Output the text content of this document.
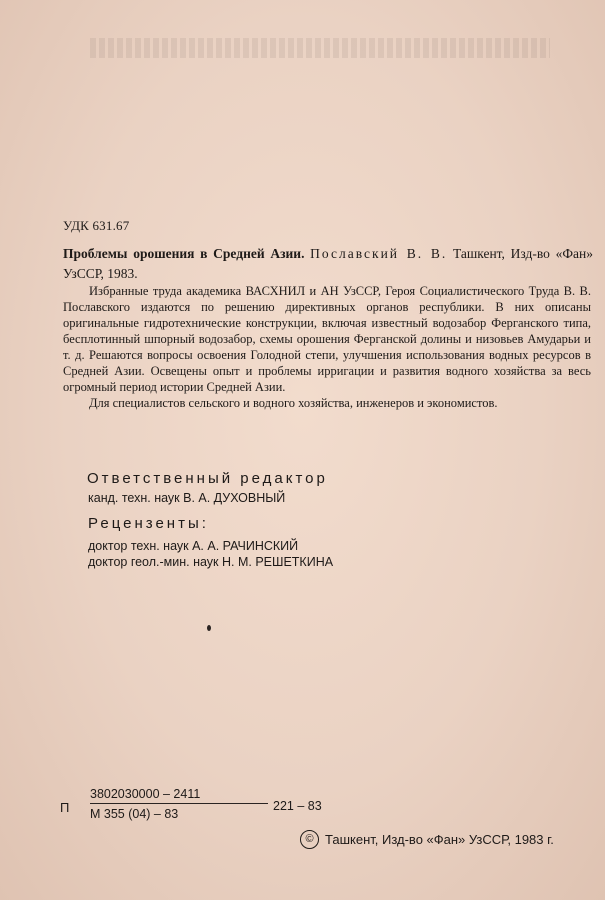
УДК 631.67
Проблемы орошения в Средней Азии. Пославский В. В. Ташкент, Изд-во «Фан» УзССР, 1983.

Избранные труда академика ВАСХНИЛ и АН УзССР, Героя Социалистического Труда В. В. Пославского издаются по решению директивных органов республики. В них описаны оригинальные гидротехнические конструкции, включая известный водозабор Ферганского типа, бесплотинный шпорный водозабор, схемы орошения Ферганской долины и низовьев Амударьи и т. д. Решаются вопросы освоения Голодной степи, улучшения использования водных ресурсов в Средней Азии. Освещены опыт и проблемы ирригации и развития водного хозяйства за весь огромный период истории Средней Азии.

Для специалистов сельского и водного хозяйства, инженеров и экономистов.

Ответственный редактор
канд. техн. наук В. А. ДУХОВНЫЙ
Рецензенты:
доктор техн. наук А. А. РАЧИНСКИЙ
доктор геол.-мин. наук Н. М. РЕШЕТКИНА
П
3802030000 – 2411
М 355 (04) – 83
221 – 83
© Ташкент, Изд-во «Фан» УзССР, 1983 г.
